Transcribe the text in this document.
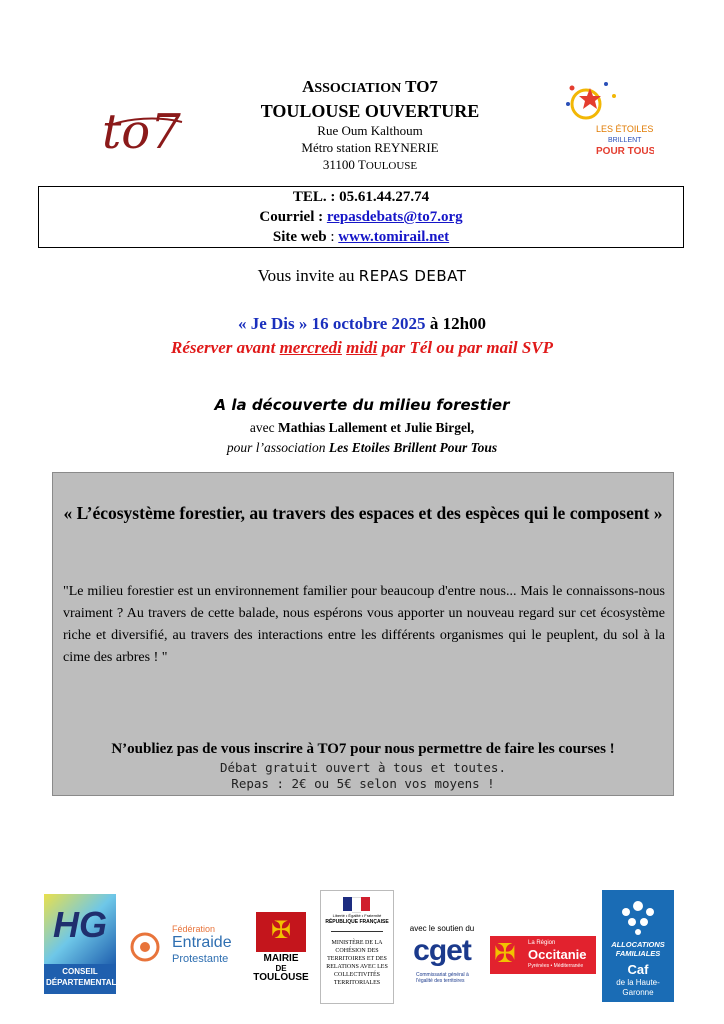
to7
ASSOCIATION TO7
TOULOUSE OUVERTURE
Rue Oum Kalthoum
Métro station REYNERIE
31100 TOULOUSE
LES ÉTOILES
BRILLENT
POUR TOUS
TEL. : 05.61.44.27.74
Courriel : repasdebats@to7.org
Site web : www.tomirail.net
Vous invite au REPAS DEBAT
« Je Dis » 16 octobre 2025 à 12h00
Réserver avant mercredi midi par Tél ou par mail SVP
A la découverte du milieu forestier
avec Mathias Lallement et Julie Birgel,
pour l’association Les Etoiles Brillent Pour Tous
« L’écosystème forestier, au travers des espaces et des espèces qui le composent »
"Le milieu forestier est un environnement familier pour beaucoup d'entre nous... Mais le connaissons-nous vraiment ? Au travers de cette balade, nous espérons vous apporter un nouveau regard sur cet écosystème riche et diversifié, au travers des interactions entre les différents organismes qui le peuplent, du sol à la cime des arbres ! "
N’oubliez pas de vous inscrire à TO7 pour nous permettre de faire les courses !
Débat gratuit ouvert à tous et toutes.
Repas : 2€ ou 5€ selon vos moyens !
HG
CONSEIL DÉPARTEMENTAL
Fédération
Entraide
Protestante
✠
MAIRIE
DE
TOULOUSE
Liberté • Égalité • Fraternité
RÉPUBLIQUE FRANÇAISE
MINISTÈRE DE LA COHÉSION DES TERRITOIRES ET DES RELATIONS AVEC LES COLLECTIVITÉS TERRITORIALES
avec le soutien du
cget
Commissariat général à l'égalité des territoires
✠ La Région
Occitanie
Pyrénées • Méditerranée
ALLOCATIONS
FAMILIALES
Caf
de la Haute-Garonne
